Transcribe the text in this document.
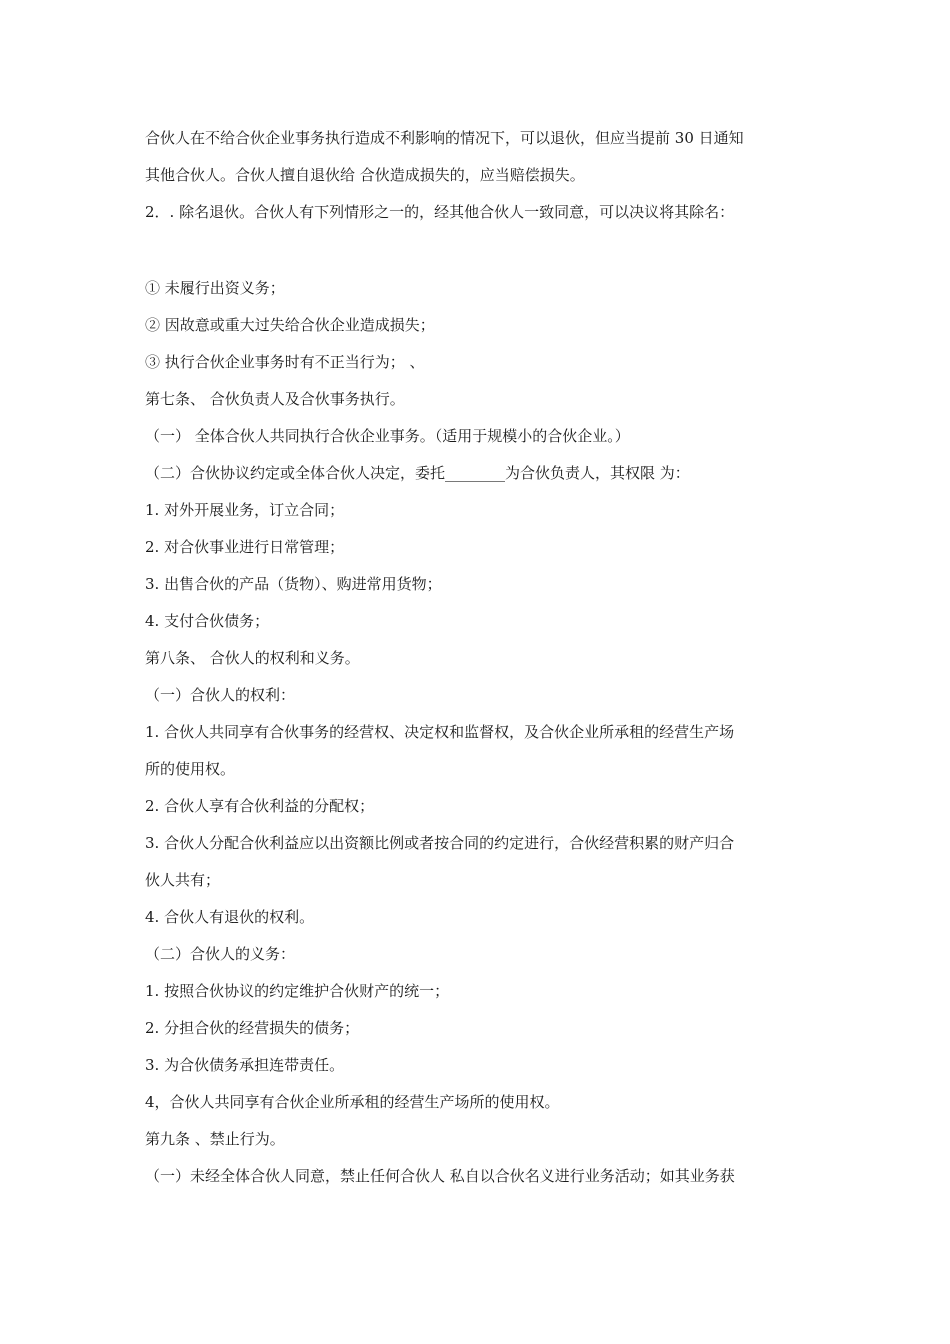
合伙人在不给合伙企业事务执行造成不利影响的情况下，可以退伙，但应当提前 30 日通知
其他合伙人。合伙人擅自退伙给 合伙造成损失的，应当赔偿损失。
2．. 除名退伙。合伙人有下列情形之一的，经其他合伙人一致同意，可以决议将其除名：
① 未履行出资义务；
② 因故意或重大过失给合伙企业造成损失；
③ 执行合伙企业事务时有不正当行为； 、
第七条、 合伙负责人及合伙事务执行。
（一） 全体合伙人共同执行合伙企业事务。（适用于规模小的合伙企业。）
（二）合伙协议约定或全体合伙人决定，委托________为合伙负责人，其权限 为：
1. 对外开展业务，订立合同；
2. 对合伙事业进行日常管理；
3. 出售合伙的产品（货物）、购进常用货物；
4. 支付合伙债务；
第八条、 合伙人的权利和义务。
（一）合伙人的权利：
1. 合伙人共同享有合伙事务的经营权、决定权和监督权，及合伙企业所承租的经营生产场
所的使用权。
2. 合伙人享有合伙利益的分配权；
3. 合伙人分配合伙利益应以出资额比例或者按合同的约定进行，合伙经营积累的财产归合
伙人共有；
4. 合伙人有退伙的权利。
（二）合伙人的义务：
1. 按照合伙协议的约定维护合伙财产的统一；
2. 分担合伙的经营损失的债务；
3. 为合伙债务承担连带责任。
4，合伙人共同享有合伙企业所承租的经营生产场所的使用权。
第九条 、禁止行为。
（一）未经全体合伙人同意，禁止任何合伙人 私自以合伙名义进行业务活动；如其业务获
